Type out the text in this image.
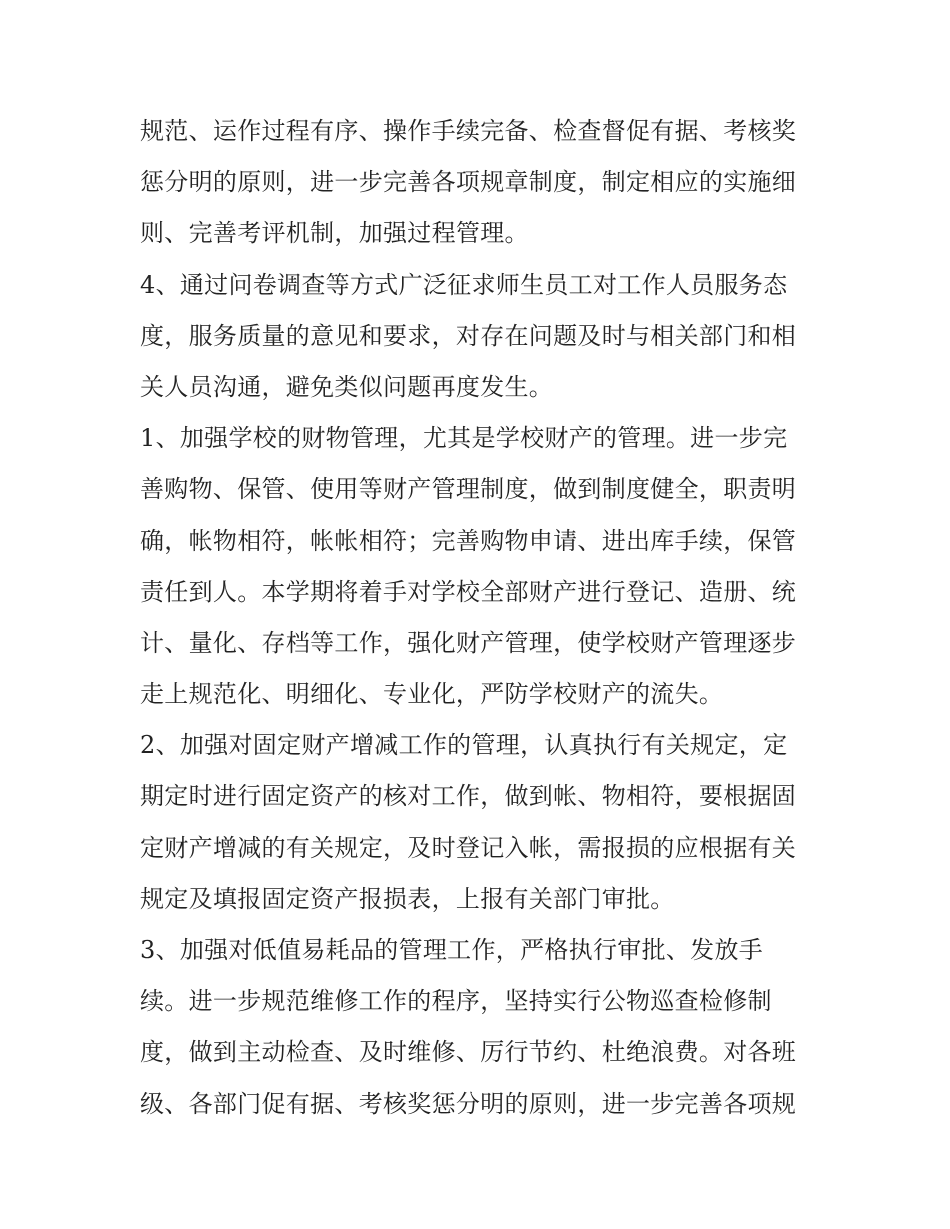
规范、运作过程有序、操作手续完备、检查督促有据、考核奖
惩分明的原则，进一步完善各项规章制度，制定相应的实施细
则、完善考评机制，加强过程管理。
4、通过问卷调查等方式广泛征求师生员工对工作人员服务态
度，服务质量的意见和要求，对存在问题及时与相关部门和相
关人员沟通，避免类似问题再度发生。
1、加强学校的财物管理，尤其是学校财产的管理。进一步完
善购物、保管、使用等财产管理制度，做到制度健全，职责明
确，帐物相符，帐帐相符；完善购物申请、进出库手续，保管
责任到人。本学期将着手对学校全部财产进行登记、造册、统
计、量化、存档等工作，强化财产管理，使学校财产管理逐步
走上规范化、明细化、专业化，严防学校财产的流失。
2、加强对固定财产增减工作的管理，认真执行有关规定，定
期定时进行固定资产的核对工作，做到帐、物相符，要根据固
定财产增减的有关规定，及时登记入帐，需报损的应根据有关
规定及填报固定资产报损表，上报有关部门审批。
3、加强对低值易耗品的管理工作，严格执行审批、发放手
续。进一步规范维修工作的程序，坚持实行公物巡查检修制
度，做到主动检查、及时维修、厉行节约、杜绝浪费。对各班
级、各部门促有据、考核奖惩分明的原则，进一步完善各项规
